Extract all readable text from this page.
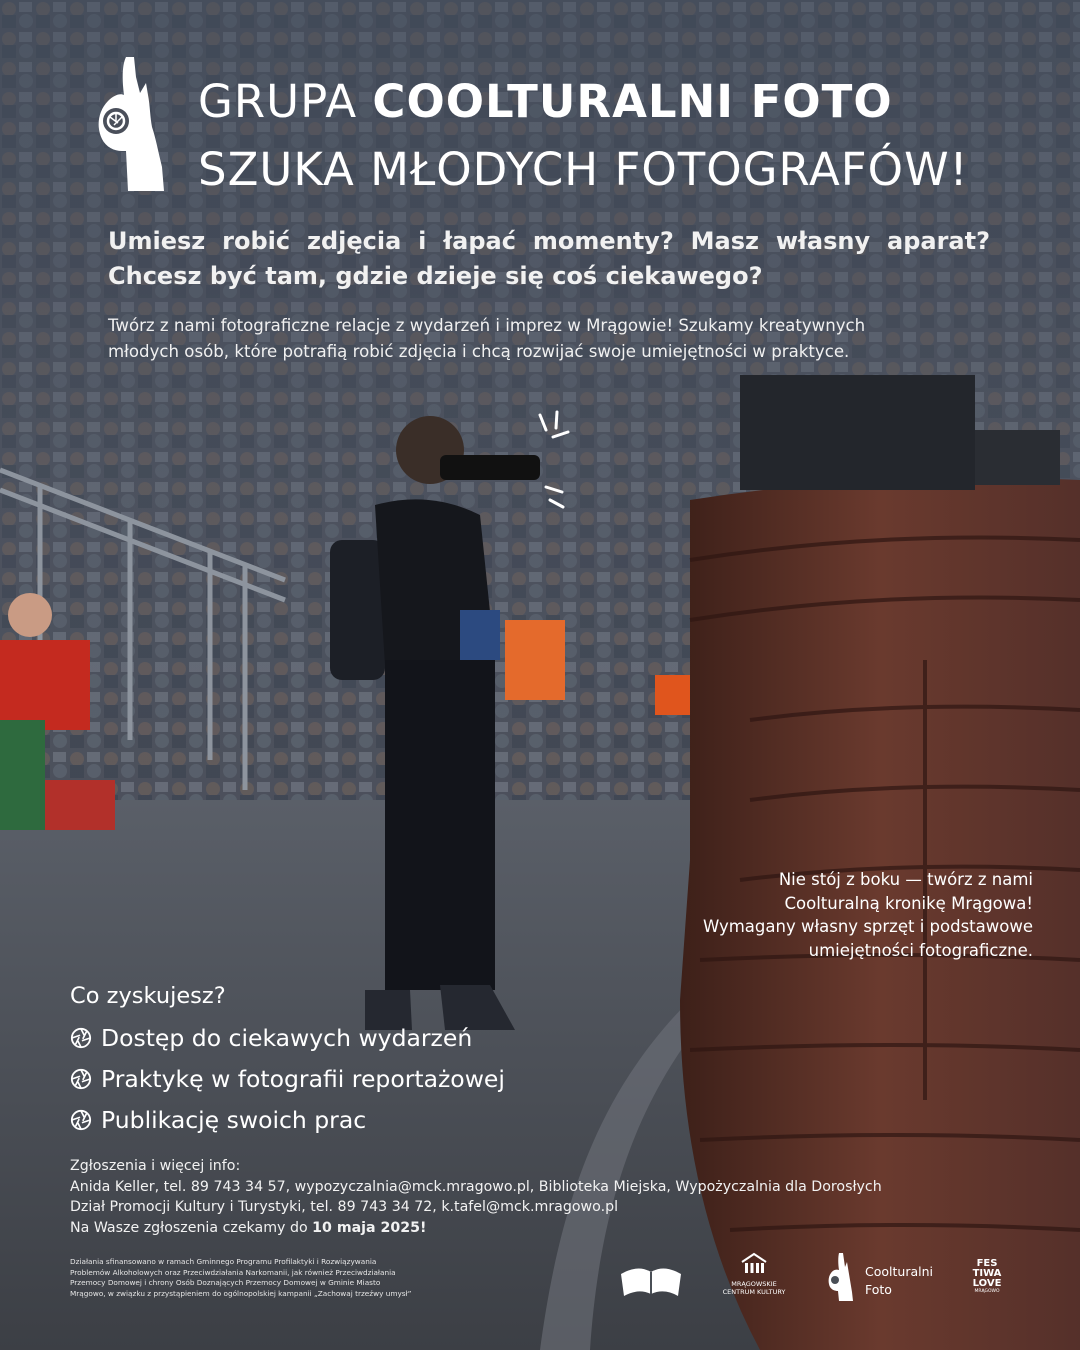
GRUPA COOLTURALNI FOTO
SZUKA MŁODYCH FOTOGRAFÓW!
Umiesz robić zdjęcia i łapać momenty? Masz własny aparat?
Chcesz być tam, gdzie dzieje się coś ciekawego?
Twórz z nami fotograficzne relacje z wydarzeń i imprez w Mrągowie! Szukamy kreatywnych
młodych osób, które potrafią robić zdjęcia i chcą rozwijać swoje umiejętności w praktyce.
Nie stój z boku — twórz z nami
Coolturalną kronikę Mrągowa!
Wymagany własny sprzęt i podstawowe
umiejętności fotograficzne.
Co zyskujesz?
Dostęp do ciekawych wydarzeń
Praktykę w fotografii reportażowej
Publikację swoich prac
Zgłoszenia i więcej info:
Anida Keller, tel. 89 743 34 57, wypozyczalnia@mck.mragowo.pl, Biblioteka Miejska, Wypożyczalnia dla Dorosłych
Dział Promocji Kultury i Turystyki, tel. 89 743 34 72, k.tafel@mck.mragowo.pl
Na Wasze zgłoszenia czekamy do 10 maja 2025!
Działania sfinansowano w ramach Gminnego Programu Profilaktyki i Rozwiązywania
Problemów Alkoholowych oraz Przeciwdziałania Narkomanii, jak również Przeciwdziałania
Przemocy Domowej i chrony Osób Doznających Przemocy Domowej w Gminie Miasto
Mrągowo, w związku z przystąpieniem do ogólnopolskiej kampanii „Zachowaj trzeźwy umysł”
MRĄGOWSKIE
CENTRUM KULTURY
Coolturalni
Foto
FES
TIWA
LOVE
MRĄGOWO
